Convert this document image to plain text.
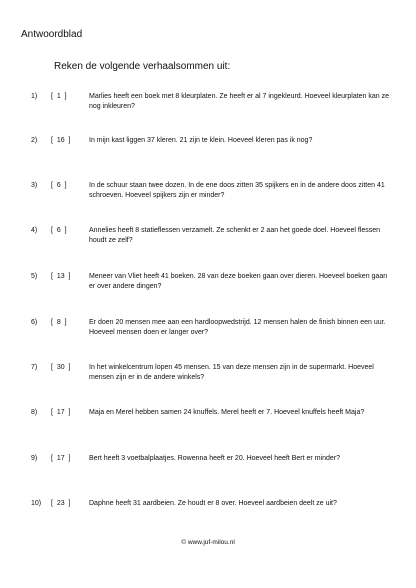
Antwoordblad
Reken de volgende verhaalsommen uit:
1)	[  1  ]	Marlies heeft een boek met 8 kleurplaten. Ze heeft er al 7 ingekleurd. Hoeveel kleurplaten kan ze nog inkleuren?
2)	[  16  ]	In mijn kast liggen 37 kleren. 21 zijn te klein. Hoeveel kleren pas ik nog?
3)	[  6  ]	In de schuur staan twee dozen. In de ene doos zitten 35 spijkers en in de andere doos zitten 41 schroeven. Hoeveel spijkers zijn er minder?
4)	[  6  ]	Annelies heeft 8 statieflessen verzamelt. Ze schenkt er 2 aan het goede doel. Hoeveel flessen houdt ze zelf?
5)	[  13  ]	Meneer van Vliet heeft 41 boeken. 28 van deze boeken gaan over dieren. Hoeveel boeken gaan er over andere dingen?
6)	[  8  ]	Er doen 20 mensen mee aan een hardloopwedstrijd. 12 mensen halen de finish binnen een uur. Hoeveel mensen doen er langer over?
7)	[  30  ]	In het winkelcentrum lopen 45 mensen. 15 van deze mensen zijn in de supermarkt. Hoeveel mensen zijn er in de andere winkels?
8)	[  17  ]	Maja en Merel hebben samen 24 knuffels. Merel heeft er 7. Hoeveel knuffels heeft Maja?
9)	[  17  ]	Bert heeft 3 voetbalplaatjes. Rowenna heeft er 20. Hoeveel heeft Bert er minder?
10)	[  23  ]	Daphne heeft 31 aardbeien. Ze houdt er 8 over. Hoeveel aardbeien deelt ze uit?
© www.juf-milou.nl
